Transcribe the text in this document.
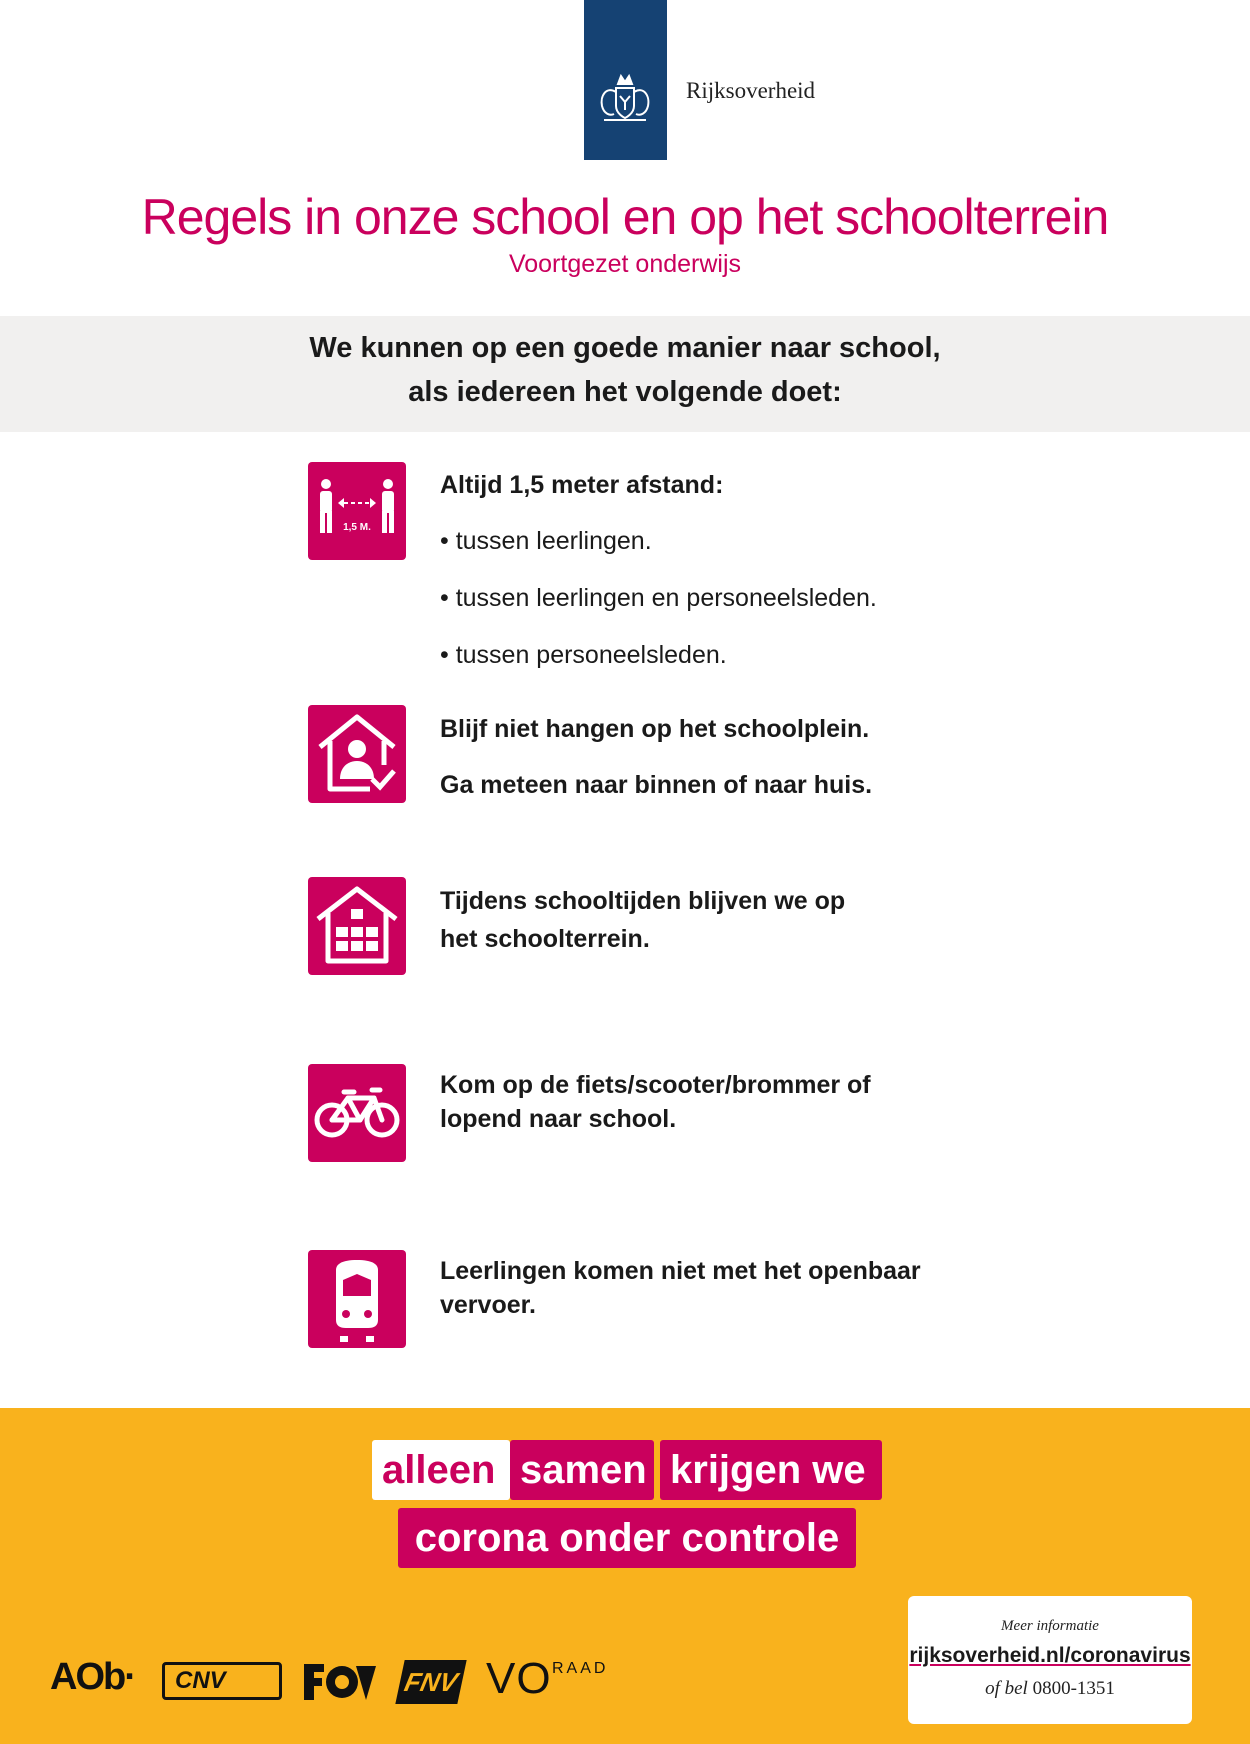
Rijksoverheid
Regels in onze school en op het schoolterrein
Voortgezet onderwijs
We kunnen op een goede manier naar school,
als iedereen het volgende doet:
1,5 M.
Altijd 1,5 meter afstand:
• tussen leerlingen.
• tussen leerlingen en personeelsleden.
• tussen personeelsleden.
Blijf niet hangen op het schoolplein.
Ga meteen naar binnen of naar huis.
Tijdens schooltijden blijven we op
het schoolterrein.
Kom op de fiets/scooter/brommer of
lopend naar school.
Leerlingen komen niet met het openbaar
vervoer.
alleen samen krijgen we
corona onder controle
Meer informatie
rijksoverheid.nl/coronavirus
of bel 0800-1351
AOb·	CNV	FNV VO RAAD
